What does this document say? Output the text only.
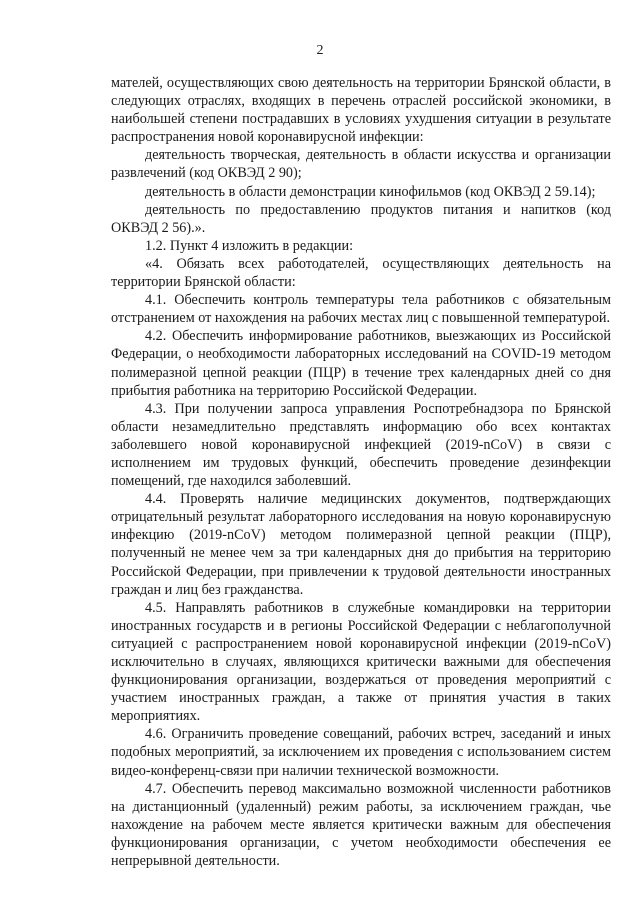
2

мателей, осуществляющих свою деятельность на территории Брянской области, в следующих отраслях, входящих в перечень отраслей российской экономики, в наибольшей степени пострадавших в условиях ухудшения ситуации в результате распространения новой коронавирусной инфекции:

деятельность творческая, деятельность в области искусства и организации развлечений (код ОКВЭД 2 90);

деятельность в области демонстрации кинофильмов (код ОКВЭД 2 59.14);

деятельность по предоставлению продуктов питания и напитков (код ОКВЭД 2 56).».

1.2. Пункт 4 изложить в редакции:

«4. Обязать всех работодателей, осуществляющих деятельность на территории Брянской области:

4.1. Обеспечить контроль температуры тела работников с обязательным отстранением от нахождения на рабочих местах лиц с повышенной температурой.

4.2. Обеспечить информирование работников, выезжающих из Российской Федерации, о необходимости лабораторных исследований на COVID-19 методом полимеразной цепной реакции (ПЦР) в течение трех календарных дней со дня прибытия работника на территорию Российской Федерации.

4.3. При получении запроса управления Роспотребнадзора по Брянской области незамедлительно представлять информацию обо всех контактах заболевшего новой коронавирусной инфекцией (2019-nCoV) в связи с исполнением им трудовых функций, обеспечить проведение дезинфекции помещений, где находился заболевший.

4.4. Проверять наличие медицинских документов, подтверждающих отрицательный результат лабораторного исследования на новую коронавирусную инфекцию (2019-nCoV) методом полимеразной цепной реакции (ПЦР), полученный не менее чем за три календарных дня до прибытия на территорию Российской Федерации, при привлечении к трудовой деятельности иностранных граждан и лиц без гражданства.

4.5. Направлять работников в служебные командировки на территории иностранных государств и в регионы Российской Федерации с неблагополучной ситуацией с распространением новой коронавирусной инфекции (2019-nCoV) исключительно в случаях, являющихся критически важными для обеспечения функционирования организации, воздержаться от проведения мероприятий с участием иностранных граждан, а также от принятия участия в таких мероприятиях.

4.6. Ограничить проведение совещаний, рабочих встреч, заседаний и иных подобных мероприятий, за исключением их проведения с использованием систем видео-конференц-связи при наличии технической возможности.

4.7. Обеспечить перевод максимально возможной численности работников на дистанционный (удаленный) режим работы, за исключением граждан, чье нахождение на рабочем месте является критически важным для обеспечения функционирования организации, с учетом необходимости обеспечения ее непрерывной деятельности.
